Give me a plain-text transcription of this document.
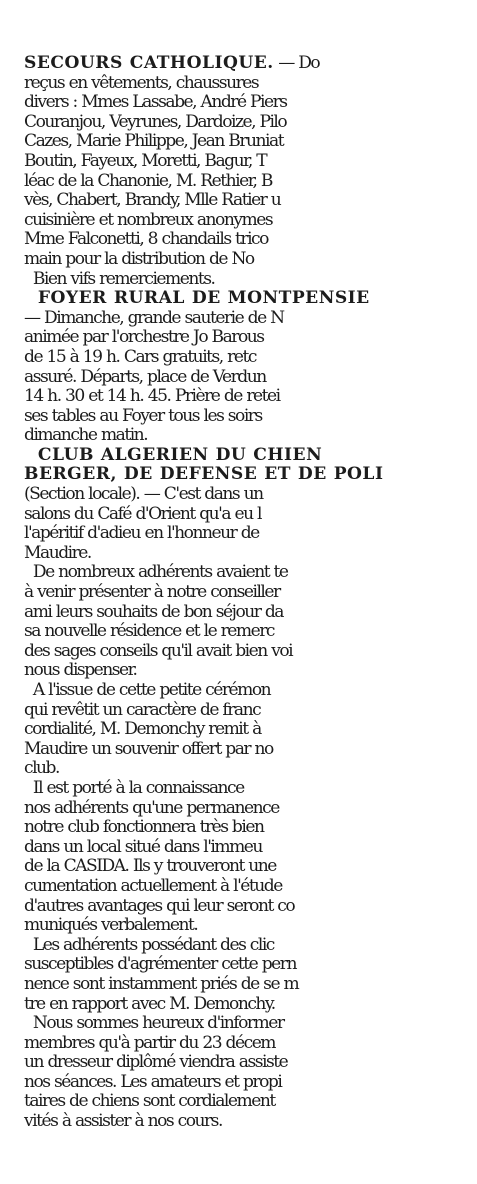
SECOURS CATHOLIQUE. — Do
reçus en vêtements, chaussures
divers : Mmes Lassabe, André Piers
Couranjou, Veyrunes, Dardoize, Pilo
Cazes, Marie Philippe, Jean Bruniat
Boutin, Fayeux, Moretti, Bagur, T
léac de la Chanonie, M. Rethier, B
vès, Chabert, Brandy, Mlle Ratier u
cuisinière et nombreux anonymes
Mme Falconetti, 8 chandails trico
main pour la distribution de No
Bien vifs remerciements.
FOYER RURAL DE MONTPENSIE
— Dimanche, grande sauterie de N
animée par l'orchestre Jo Barous
de 15 à 19 h. Cars gratuits, retc
assuré. Départs, place de Verdun
14 h. 30 et 14 h. 45. Prière de retei
ses tables au Foyer tous les soirs
dimanche matin.
CLUB ALGERIEN DU CHIEN
BERGER, DE DEFENSE ET DE POLI
(Section locale). — C'est dans un
salons du Café d'Orient qu'a eu l
l'apéritif d'adieu en l'honneur de
Maudire.
De nombreux adhérents avaient te
à venir présenter à notre conseiller
ami leurs souhaits de bon séjour da
sa nouvelle résidence et le remerc
des sages conseils qu'il avait bien voi
nous dispenser.
A l'issue de cette petite cérémon
qui revêtit un caractère de franc
cordialité, M. Demonchy remit à
Maudire un souvenir offert par no
club.
Il est porté à la connaissance
nos adhérents qu'une permanence
notre club fonctionnera très bien
dans un local situé dans l'immeu
de la CASIDA. Ils y trouveront une
cumentation actuellement à l'étude
d'autres avantages qui leur seront co
muniqués verbalement.
Les adhérents possédant des clic
susceptibles d'agrémenter cette pern
nence sont instamment priés de se m
tre en rapport avec M. Demonchy.
Nous sommes heureux d'informer
membres qu'à partir du 23 décem
un dresseur diplômé viendra assiste
nos séances. Les amateurs et propi
taires de chiens sont cordialement
vités à assister à nos cours.
